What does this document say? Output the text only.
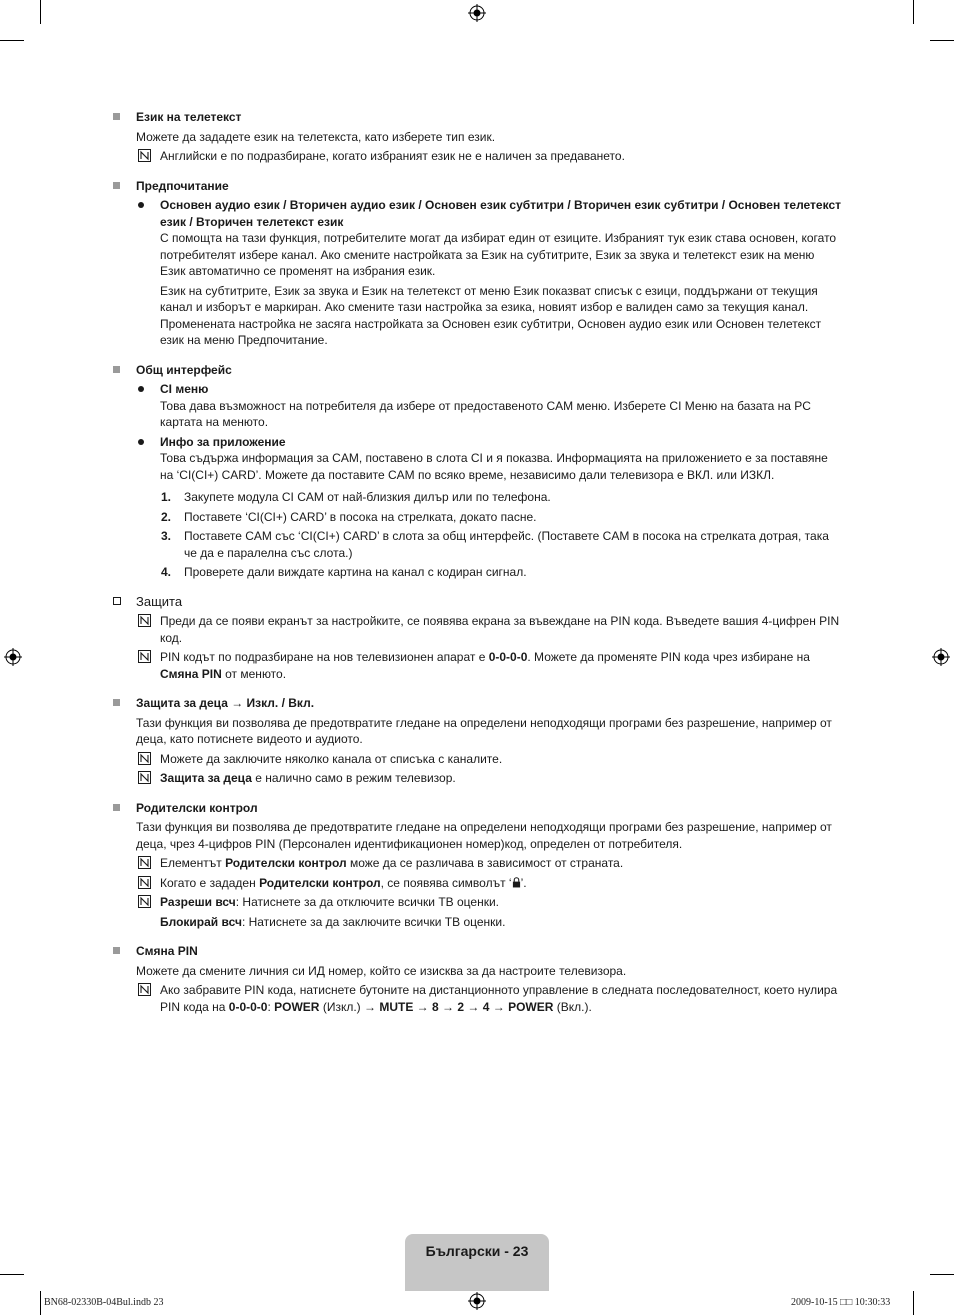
Език на телетекст
Можете да зададете език на телетекста, като изберете тип език.
Английски е по подразбиране, когато избраният език не е наличен за предаването.
Предпочитание
Основен аудио език / Вторичен аудио език / Основен език субтитри / Вторичен език субтитри / Основен телетекст език / Вторичен телетекст език
С помощта на тази функция, потребителите могат да избират един от езиците. Избраният тук език става основен, когато потребителят избере канал. Ако смените настройката за Език на субтитрите, Език за звука и телетекст език на меню Език автоматично се променят на избрания език.
Език на субтитрите, Език за звука и Език на телетекст от меню Език показват списък с езици, поддържани от текущия канал и изборът е маркиран. Ако смените тази настройка за езика, новият избор е валиден само за текущия канал. Променената настройка не засяга настройката за Основен език субтитри, Основен аудио език или Основен телетекст език на меню Предпочитание.
Общ интерфейс
CI меню
Това дава възможност на потребителя да избере от предоставеното CAM меню. Изберете CI Меню на базата на PC картата на менюто.
Инфо за приложение
Това съдържа информация за CAM, поставено в слота CI и я показва. Информацията на приложението е за поставяне на ‘CI(CI+) CARD’. Можете да поставите CAM по всяко време, независимо дали телевизора е ВКЛ. или ИЗКЛ.
1. Закупете модула CI CAM от най-близкия дилър или по телефона.
2. Поставете ‘CI(CI+) CARD’ в посока на стрелката, докато пасне.
3. Поставете CAM със ‘CI(CI+) CARD’ в слота за общ интерфейс. (Поставете CAM в посока на стрелката дотрая, така че да е паралелна със слота.)
4. Проверете дали виждате картина на канал с кодиран сигнал.
Защита
Преди да се появи екранът за настройките, се появява екрана за въвеждане на PIN кода. Въведете вашия 4-цифрен PIN код.
PIN кодът по подразбиране на нов телевизионен апарат е 0-0-0-0. Можете да променяте PIN кода чрез избиране на Смяна PIN от менюто.
Защита за деца → Изкл. / Вкл.
Тази функция ви позволява де предотвратите гледане на определени неподходящи програми без разрешение, например от деца, като потиснете видеото и аудиото.
Можете да заключите няколко канала от списъка с каналите.
Защита за деца е налично само в режим телевизор.
Родителски контрол
Тази функция ви позволява де предотвратите гледане на определени неподходящи програми без разрешение, например от деца, чрез 4-цифров PIN (Персонален идентификационен номер)код, определен от потребителя.
Елементът Родителски контрол може да се различава в зависимост от страната.
Когато е зададен Родителски контрол, се появява символът ‘ ’.
Разреши всч: Натиснете за да отключите всички ТВ оценки.
Блокирай всч: Натиснете за да заключите всички ТВ оценки.
Смяна PIN
Можете да смените личния си ИД номер, който се изисква за да настроите телевизора.
Ако забравите PIN кода, натиснете бутоните на дистанционното управление в следната последователност, което нулира PIN кода на 0-0-0-0: POWER (Изкл.) → MUTE → 8 → 2 → 4 → POWER (Вкл.).
Български - 23
BN68-02330B-04Bul.indb 23	2009-10-15 □□ 10:30:33
